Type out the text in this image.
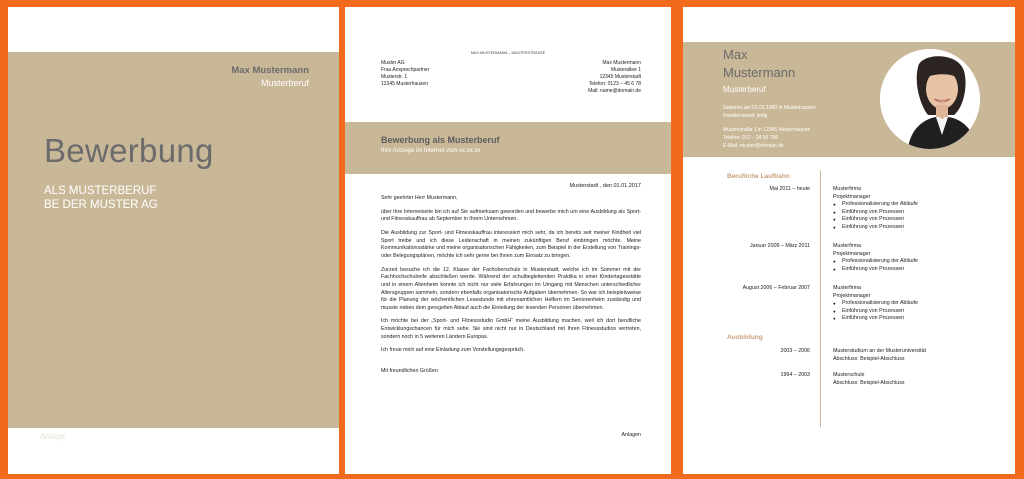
Max Mustermann
Musterberuf
Bewerbung
ALS MUSTERBERUF
BE DER MUSTER AG
Anlage
MAX MUSTERMANN – MUSTERSTRASSE
Muster AG
Frau Ansprechpartner
Musterstr. 1
12345 Musterhausen
Max Mustermann
Musterallee 1
12345 Musterstadt
Telefon: 0123 – 45 6 78
Mail: name@domain.de
Bewerbung als Musterberuf
Ihre Anzeige im Internet vom xx.xx.xx
Musterstadt , den 01.01.2017

Sehr geehrter Herr Mustermann,

über Ihre Internetseite bin ich auf Sie aufmerksam geworden und bewerbe mich um eine Ausbildung als Sport- und Fitnesskauffrau ab September in Ihrem Unternehmen.

Die Ausbildung zur Sport- und Fitnesskauffrau interessiert mich sehr, da ich bereits seit meiner Kindheit viel Sport treibe und ich diese Leidenschaft in meinen zukünftigen Beruf einbringen möchte. Meine Kommunikationsstärke und meine organisatorischen Fähigkeiten, zum Beispiel in der Erstellung von Trainings- oder Belegungsplänen, möchte ich sehr gerne bei Ihnen zum Einsatz zu bringen.

Zurzeit besuche ich die 12. Klasse der Fachoberschule in Musterstadt, welche ich im Sommer mit der Fachhochschulreife abschließen werde. Während der schulbegleitenden Praktika in einer Kindertagesstätte und in einem Altenheim konnte ich nicht nur viele Erfahrungen im Umgang mit Menschen unterschiedlicher Altersgruppen sammeln, sondern ebenfalls organisatorische Aufgaben übernehmen. So war ich beispielsweise für die Planung der wöchentlichen Lesestunde mit ehrenamtlichen Helfern im Seniorenheim zuständig und musste neben dem geregelten Ablauf auch die Einteilung der lesenden Personen übernehmen.

Ich möchte bei der „Sport- und Fitnessstudio GmbH“ meine Ausbildung machen, weil ich dort berufliche Entwicklungschancen für mich sehe. Sie sind nicht nur in Deutschland mit Ihren Fitnessstudios vertreten, sondern noch in 5 weiteren Ländern Europas.

Ich freue mich auf eine Einladung zum Vorstellungsgespräch.

Mit freundlichen Grüßen

Anlagen
Max
Mustermann
Musterberuf
Geboren am 01.01.1980 in Musterhausen
Familienstand: ledig
Musterstraße 1 in 12345 Musterhausen
Telefon: 012 – 34 56 789
E-Mail: muster@domain.de
Berufliche Laufbahn
Mai 2011 – heute	Musterfirma
Projektmanager
● Professionalisierung der Abläufe
● Einführung von Prozessen
● Einführung von Prozessen
● Einführung von Prozessen
Januar 2009 – März 2011	Musterfirma
Projektmanager
● Professionalisierung der Abläufe
● Einführung von Prozessen
August 2006 – Februar 2007	Musterfirma
Projektmanager
● Professionalisierung der Abläufe
● Einführung von Prozessen
● Einführung von Prozessen
Ausbildung
2003 – 2006	Musterstudium an der Musteruniversität
Abschluss: Beispiel-Abschluss
1994 – 2003	Musterschule
Abschluss: Beispiel-Abschluss
